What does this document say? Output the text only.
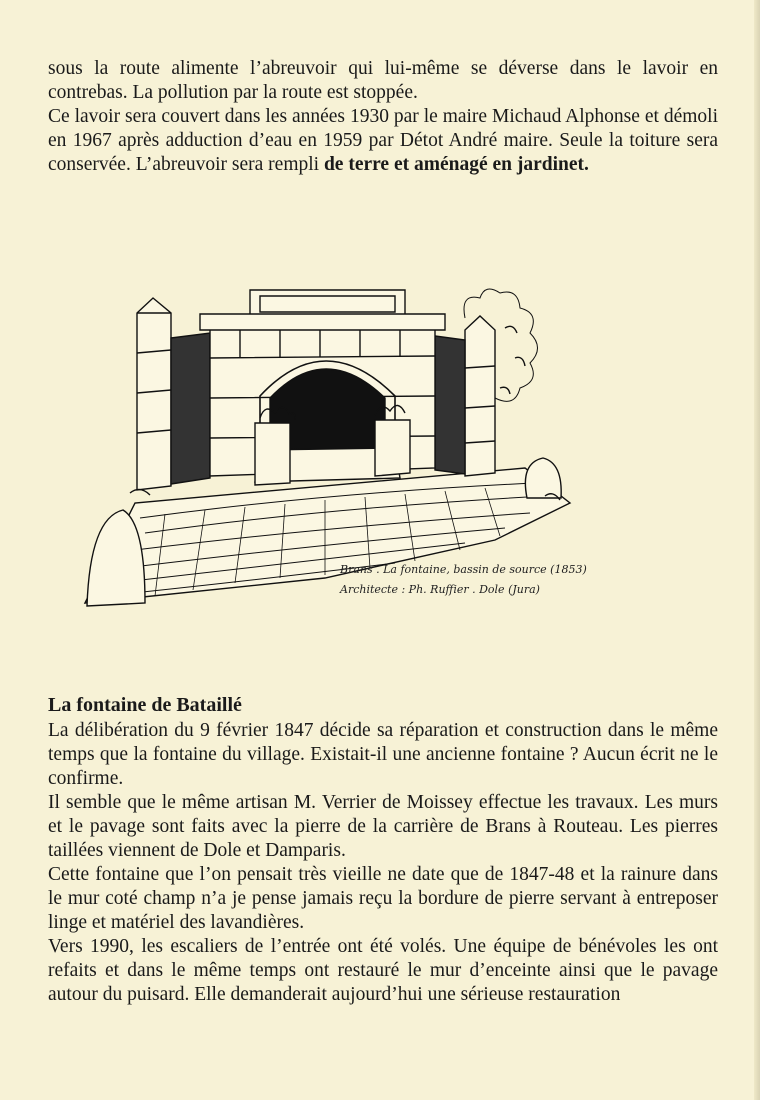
sous la route alimente l’abreuvoir qui lui-même se déverse dans le lavoir en contrebas. La pollution par la route est stoppée.

Ce lavoir sera couvert dans les années 1930 par le maire Michaud Alphonse et démoli en 1967 après adduction d’eau en 1959 par Détot André maire. Seule la toiture sera conservée. L’abreuvoir sera rempli de terre et aménagé en jardinet.

Brans . La fontaine, bassin de source (1853)
Architecte : Ph. Ruffier . Dole (Jura)
La fontaine de Bataillé

La délibération du 9 février 1847 décide sa réparation et construction dans le même temps que la fontaine du village. Existait-il une ancienne fontaine ? Aucun écrit ne le confirme.

Il semble que le même artisan M. Verrier de Moissey effectue les travaux. Les murs et le pavage sont faits avec la pierre de la carrière de Brans à Routeau. Les pierres taillées viennent de Dole et Damparis.

Cette fontaine que l’on pensait très vieille ne date que de 1847-48 et la rainure dans le mur coté champ n’a je pense jamais reçu la bordure de pierre servant à entreposer linge et matériel des lavandières.

Vers 1990, les escaliers de l’entrée ont été volés. Une équipe de bénévoles les ont refaits et dans le même temps ont restauré le mur d’enceinte ainsi que le pavage autour du puisard. Elle demanderait aujourd’hui une sérieuse restauration
